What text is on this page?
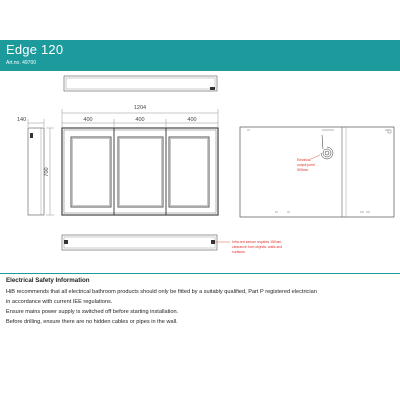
Edge 120
Art.no. 49700
1204
400	400	400
140
700
Infra-red sensor requires 150mm clearance from objects, walls and surfaces
Electrical output point 500mm
Electrical Safety Information

HiB recommends that all electrical bathroom products should only be fitted by a suitably qualified, Part P registered electrician

in accordance with current IEE regulations.

Ensure mains power supply is switched off before starting installation.

Before drilling, ensure there are no hidden cables or pipes in the wall.
